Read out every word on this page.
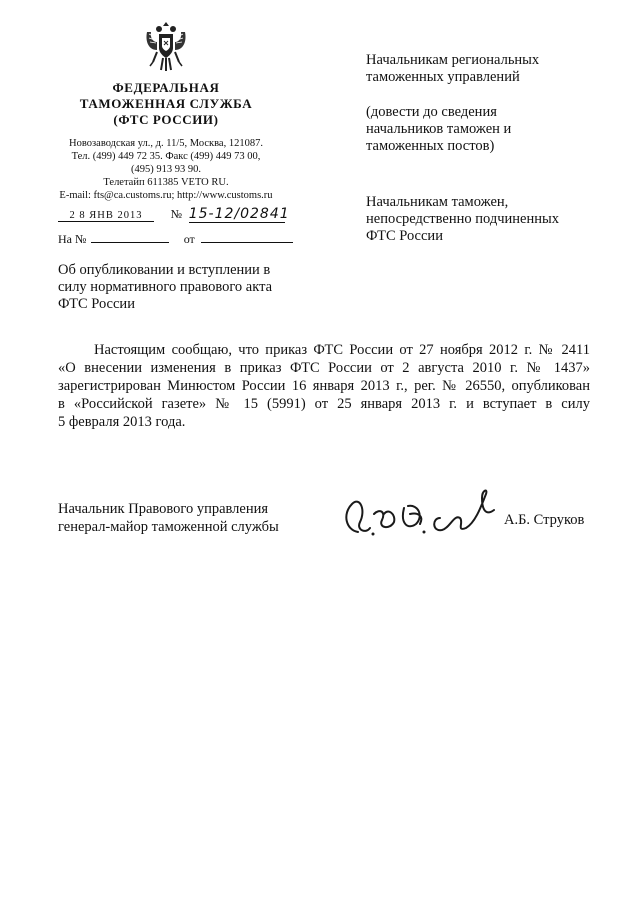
ФЕДЕРАЛЬНАЯ
ТАМОЖЕННАЯ СЛУЖБА
(ФТС РОССИИ)
Новозаводская ул., д. 11/5, Москва, 121087.
Тел. (499) 449 72 35. Факс (499) 449 73 00,
(495) 913 93 90.
Телетайп 611385 VETO RU.
E-mail: fts@ca.customs.ru; http://www.customs.ru
2 8 ЯНВ 2013 № 15-12/02841
На №	от
Начальникам региональных
таможенных управлений
(довести до сведения
начальников таможен и
таможенных постов)
Начальникам таможен,
непосредственно подчиненных
ФТС России
Об опубликовании и вступлении в
силу нормативного правового акта
ФТС России
Настоящим сообщаю, что приказ ФТС России от 27 ноября 2012 г. № 2411
«О внесении изменения в приказ ФТС России от 2 августа 2010 г. № 1437»
зарегистрирован Минюстом России 16 января 2013 г., рег. № 26550, опубликован
в «Российской газете» № 15 (5991) от 25 января 2013 г. и вступает в силу
5 февраля 2013 года.
Начальник Правового управления
генерал-майор таможенной службы	А.Б. Струков
